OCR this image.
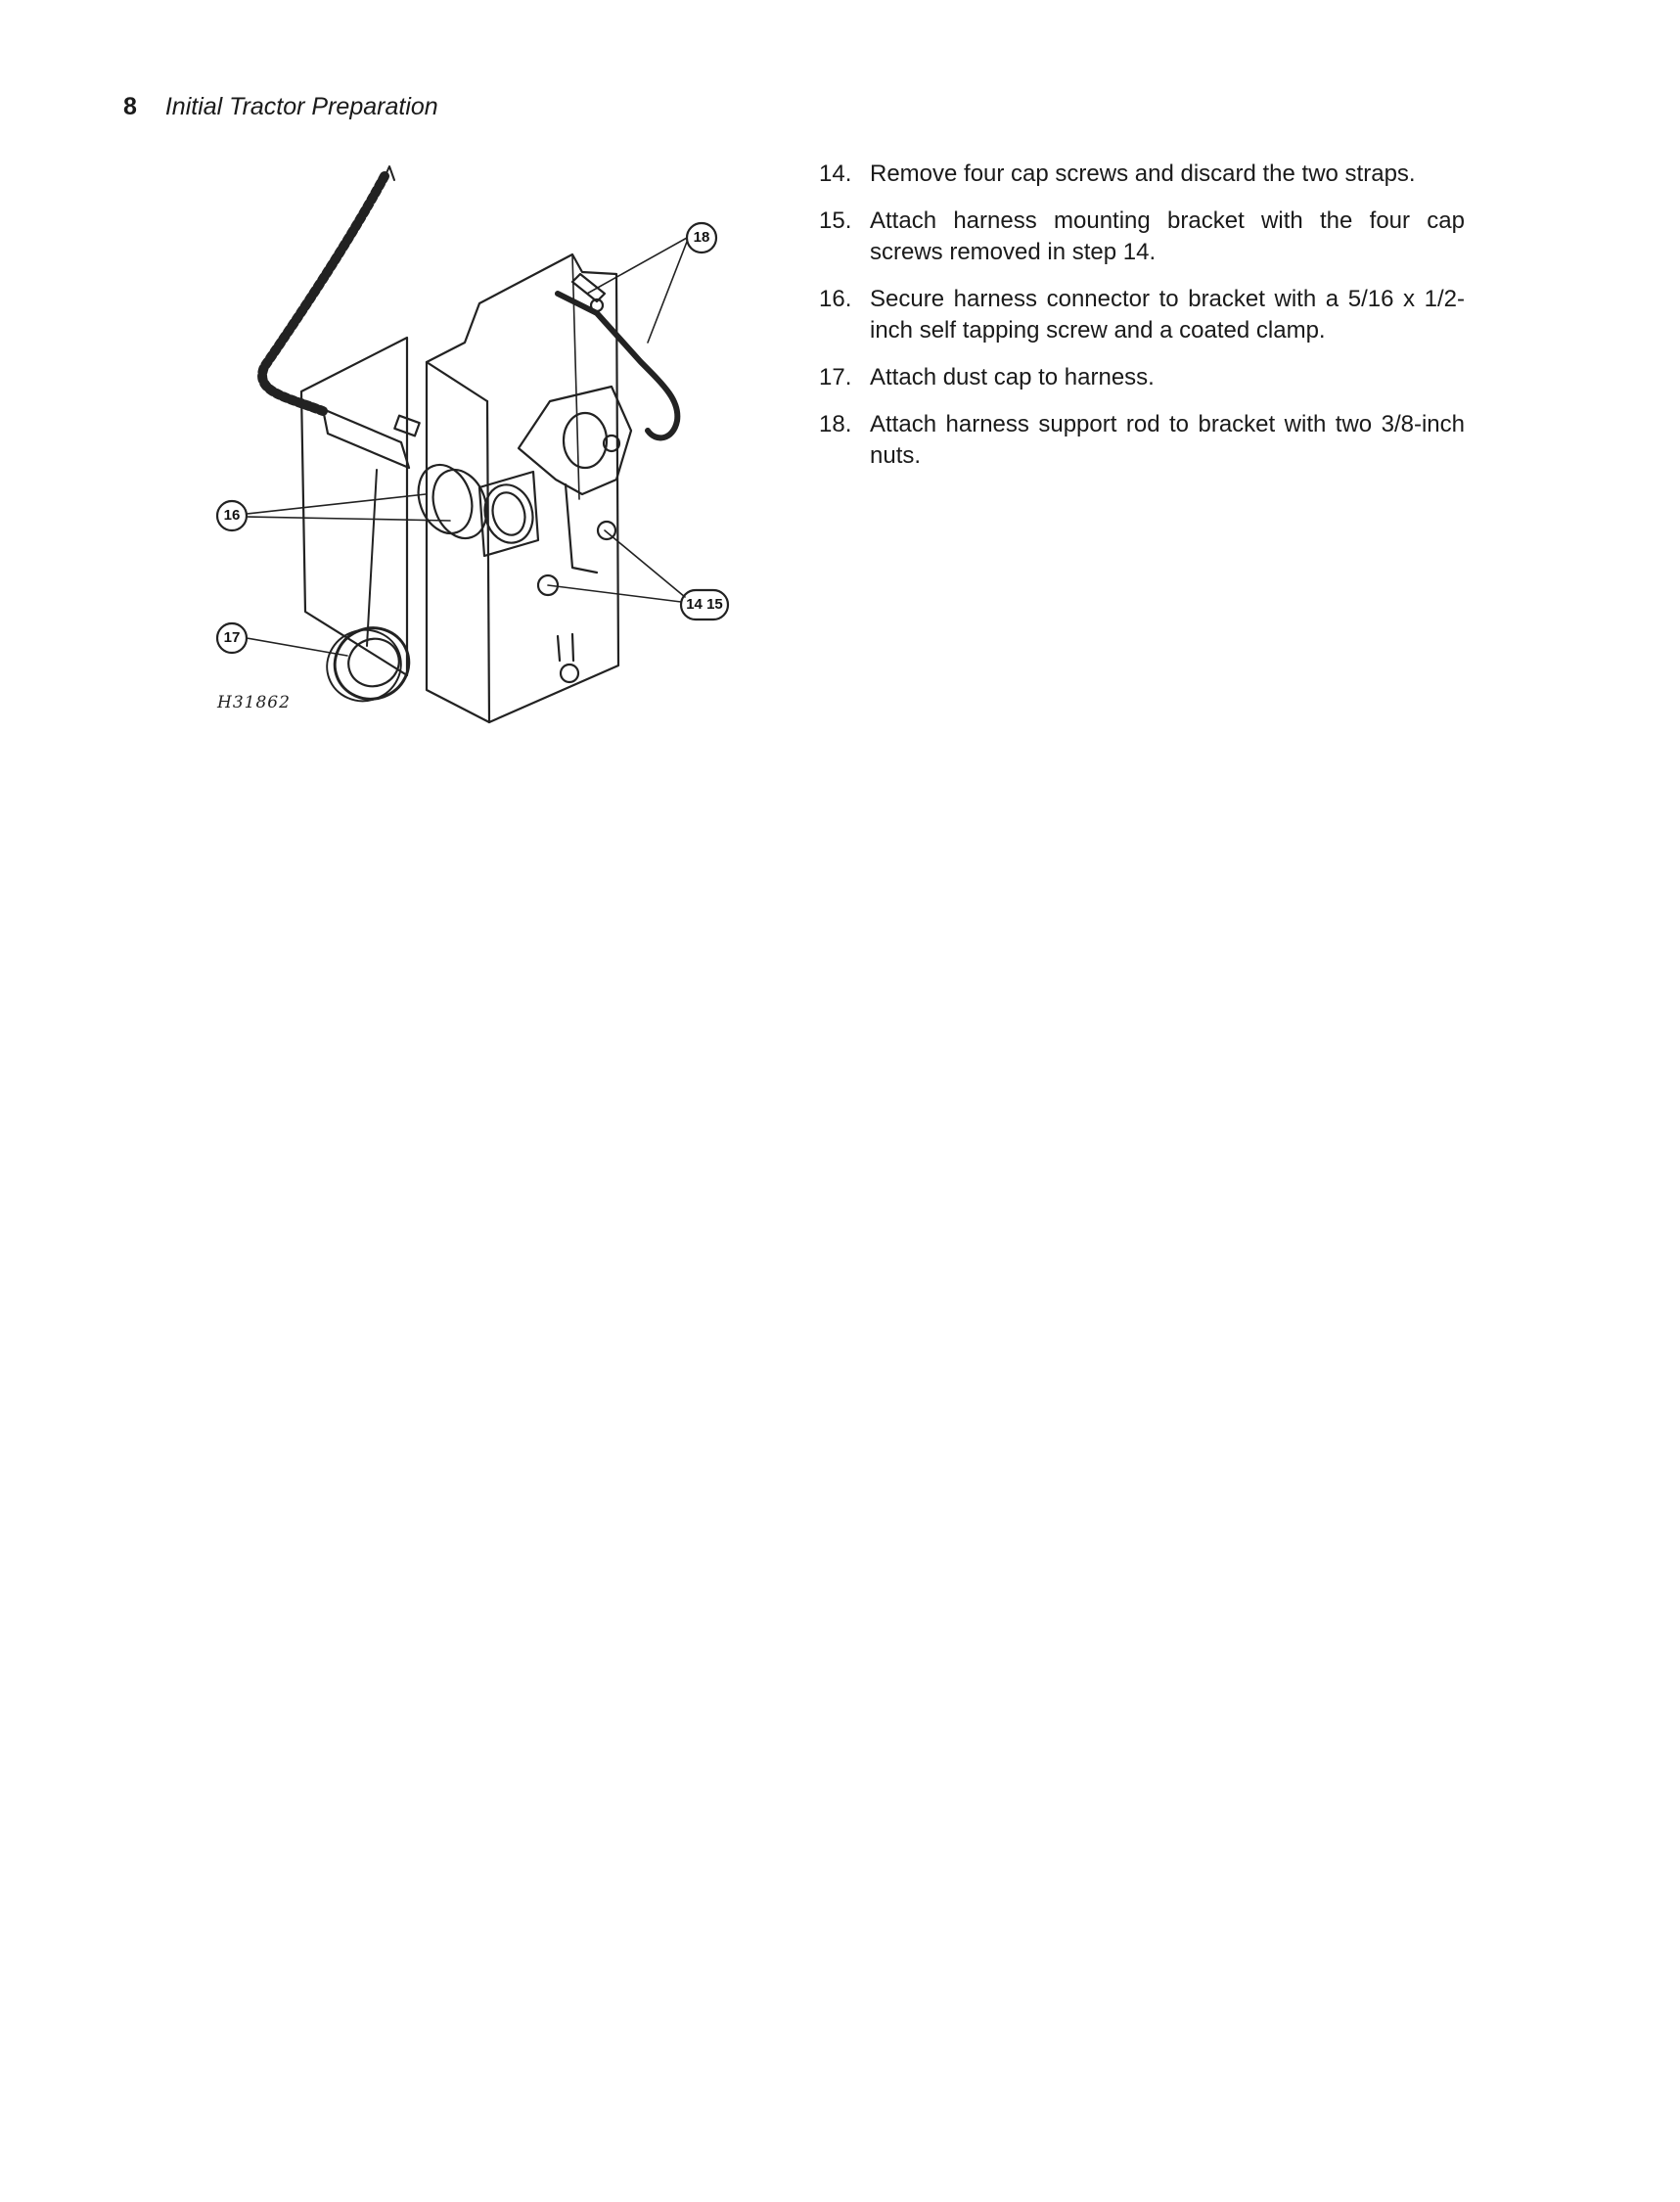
8 Initial Tractor Preparation
18
16
17
14 15
H31862
14. Remove four cap screws and discard the two straps.
15. Attach harness mounting bracket with the four cap screws removed in step 14.
16. Secure harness connector to bracket with a 5/16 x 1/2-inch self tapping screw and a coated clamp.
17. Attach dust cap to harness.
18. Attach harness support rod to bracket with two 3/8-inch nuts.
